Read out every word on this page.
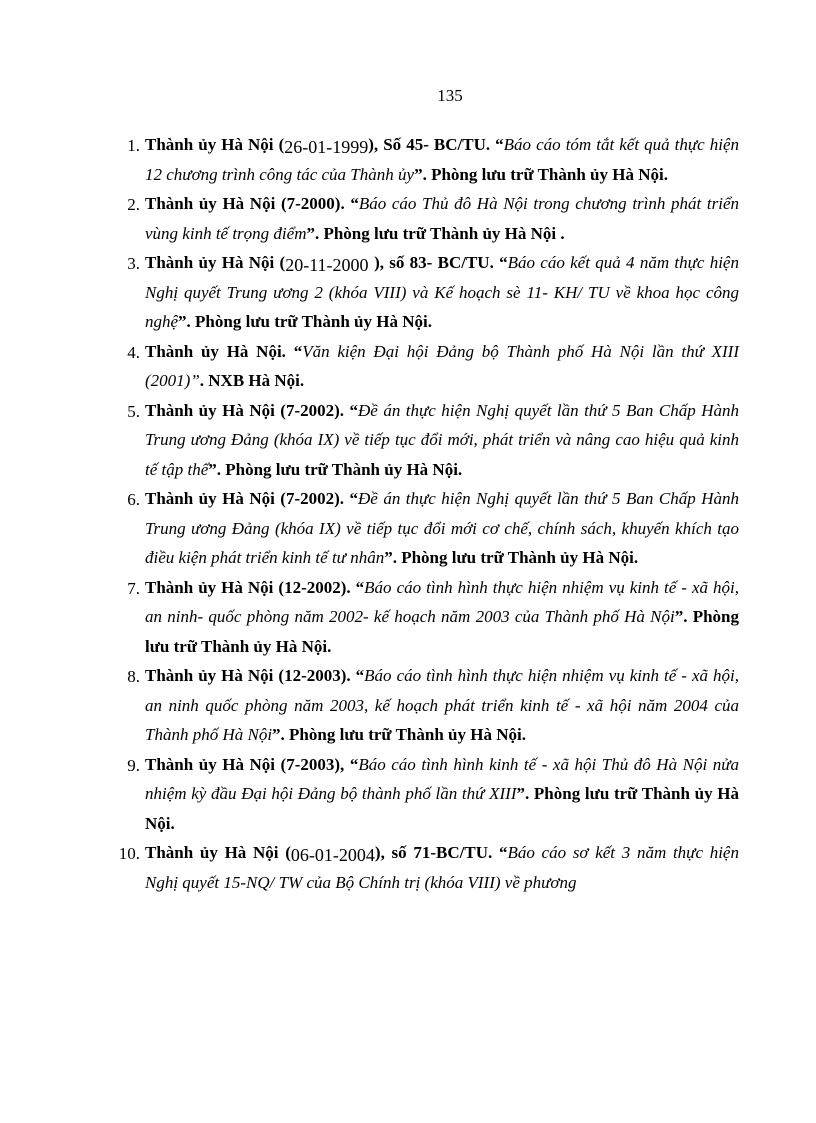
135
1. Thành ủy Hà Nội (26-01-1999), Số 45- BC/TU. “Báo cáo tóm tắt kết quả thực hiện 12 chương trình công tác của Thành ủy”. Phòng lưu trữ Thành ủy Hà Nội.
2. Thành ủy Hà Nội (7-2000). “Báo cáo Thủ đô Hà Nội trong chương trình phát triển vùng kinh tế trọng điểm”. Phòng lưu trữ Thành ủy Hà Nội .
3. Thành ủy Hà Nội (20-11-2000 ), số 83- BC/TU. “Báo cáo kết quả 4 năm thực hiện Nghị quyết Trung ương 2 (khóa VIII) và Kế hoạch sè 11- KH/ TU về khoa học công nghệ”. Phòng lưu trữ Thành ủy Hà Nội.
4. Thành ủy Hà Nội. “Văn kiện Đại hội Đảng bộ Thành phố Hà Nội lần thứ XIII (2001)”. NXB Hà Nội.
5. Thành ủy Hà Nội (7-2002). “Đề án thực hiện Nghị quyết lần thứ 5 Ban Chấp Hành Trung ương Đảng (khóa IX) về tiếp tục đổi mới, phát triển và nâng cao hiệu quả kinh tế tập thể”. Phòng lưu trữ Thành ủy Hà Nội.
6. Thành ủy Hà Nội (7-2002). “Đề án thực hiện Nghị quyết lần thứ 5 Ban Chấp Hành Trung ương Đảng (khóa IX) về tiếp tục đổi mới cơ chế, chính sách, khuyến khích tạo điều kiện phát triển kinh tế tư nhân”. Phòng lưu trữ Thành ủy Hà Nội.
7. Thành ủy Hà Nội (12-2002). “Báo cáo tình hình thực hiện nhiệm vụ kinh tế - xã hội, an ninh- quốc phòng năm 2002- kế hoạch năm 2003 của Thành phố Hà Nội”. Phòng lưu trữ Thành ủy Hà Nội.
8. Thành ủy Hà Nội (12-2003). “Báo cáo tình hình thực hiện nhiệm vụ kinh tế - xã hội, an ninh quốc phòng năm 2003, kế hoạch phát triển kinh tế - xã hội năm 2004 của Thành phố Hà Nội”. Phòng lưu trữ Thành ủy Hà Nội.
9. Thành ủy Hà Nội (7-2003), “Báo cáo tình hình kinh tế - xã hội Thủ đô Hà Nội nửa nhiệm kỳ đầu Đại hội Đảng bộ thành phố lần thứ XIII”. Phòng lưu trữ Thành ủy Hà Nội.
10. Thành ủy Hà Nội (06-01-2004), số 71-BC/TU. “Báo cáo sơ kết 3 năm thực hiện Nghị quyết 15-NQ/ TW của Bộ Chính trị (khóa VIII) về phương
